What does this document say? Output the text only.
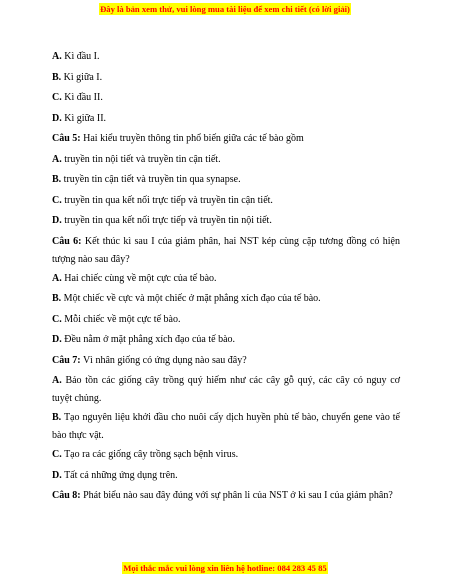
Đây là bản xem thử, vui lòng mua tài liệu để xem chi tiết (có lời giải)
A. Kì đầu I.
B. Kì giữa I.
C. Kì đầu II.
D. Kì giữa II.
Câu 5: Hai kiểu truyền thông tin phổ biến giữa các tế bào gồm
A. truyền tin nội tiết và truyền tin cận tiết.
B. truyền tin cận tiết và truyền tin qua synapse.
C. truyền tin qua kết nối trực tiếp và truyền tin cận tiết.
D. truyền tin qua kết nối trực tiếp và truyền tin nội tiết.
Câu 6: Kết thúc kì sau I của giảm phân, hai NST kép cùng cặp tương đồng có hiện tượng nào sau đây?
A. Hai chiếc cùng về một cực của tế bào.
B. Một chiếc về cực và một chiếc ở mặt phẳng xích đạo của tế bào.
C. Mỗi chiếc về một cực tế bào.
D. Đều nằm ở mặt phẳng xích đạo của tế bào.
Câu 7: Vì nhân giống có ứng dụng nào sau đây?
A. Bảo tồn các giống cây trồng quý hiếm như các cây gỗ quý, các cây có nguy cơ tuyệt chủng.
B. Tạo nguyên liệu khởi đầu cho nuôi cấy dịch huyền phù tế bào, chuyển gene vào tế bào thực vật.
C. Tạo ra các giống cây trồng sạch bệnh virus.
D. Tất cả những ứng dụng trên.
Câu 8: Phát biểu nào sau đây đúng với sự phân li của NST ở kì sau I của giảm phân?
Mọi thắc mắc vui lòng xin liên hệ hotline: 084 283 45 85
